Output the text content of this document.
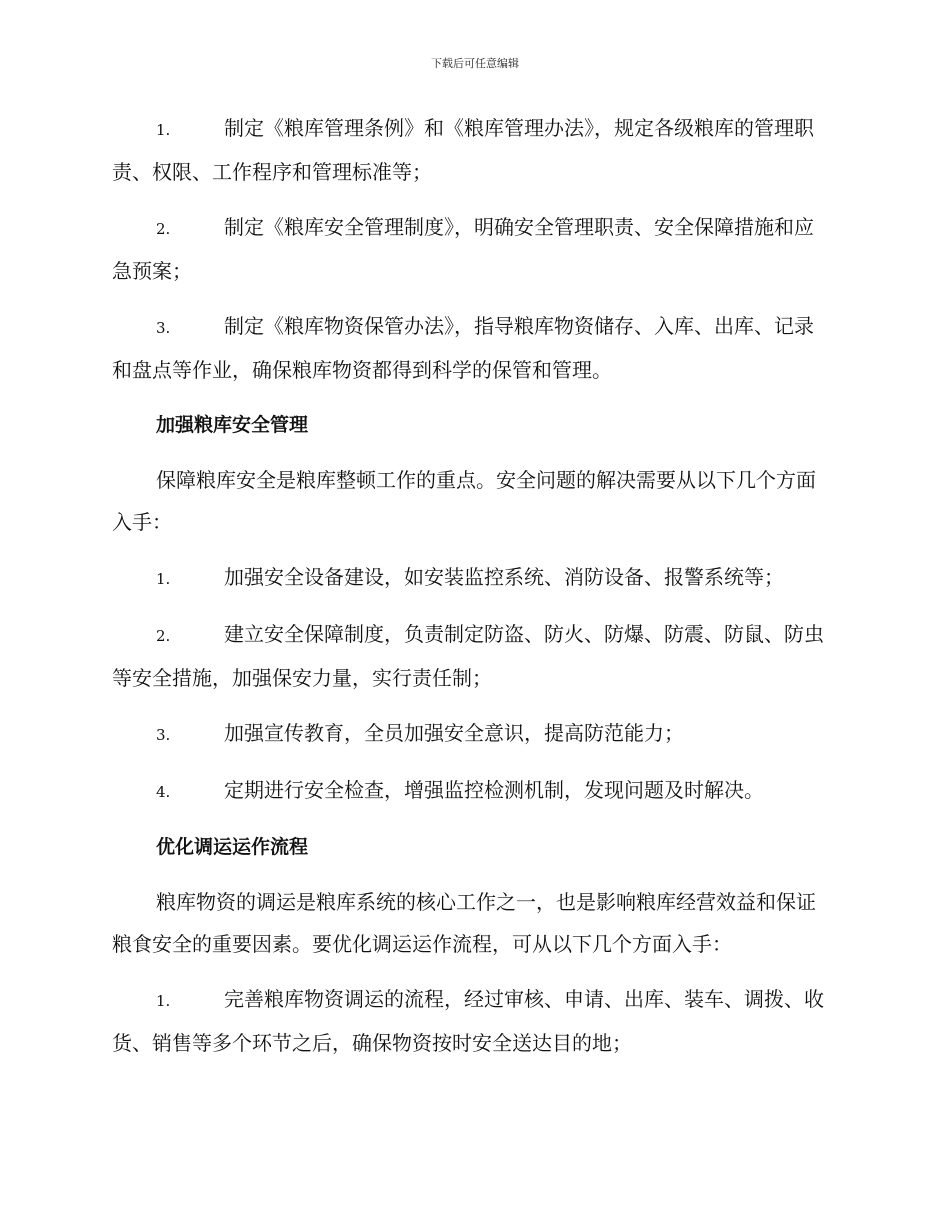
下载后可任意编辑
1.	制定《粮库管理条例》和《粮库管理办法》，规定各级粮库的管理职责、权限、工作程序和管理标准等；
2.	制定《粮库安全管理制度》，明确安全管理职责、安全保障措施和应急预案；
3.	制定《粮库物资保管办法》，指导粮库物资储存、入库、出库、记录和盘点等作业，确保粮库物资都得到科学的保管和管理。
加强粮库安全管理
保障粮库安全是粮库整顿工作的重点。安全问题的解决需要从以下几个方面入手：
1.	加强安全设备建设，如安装监控系统、消防设备、报警系统等；
2.	建立安全保障制度，负责制定防盗、防火、防爆、防震、防鼠、防虫等安全措施，加强保安力量，实行责任制；
3.	加强宣传教育，全员加强安全意识，提高防范能力；
4.	定期进行安全检查，增强监控检测机制，发现问题及时解决。
优化调运运作流程
粮库物资的调运是粮库系统的核心工作之一，也是影响粮库经营效益和保证粮食安全的重要因素。要优化调运运作流程，可从以下几个方面入手：
1.	完善粮库物资调运的流程，经过审核、申请、出库、装车、调拨、收货、销售等多个环节之后，确保物资按时安全送达目的地；
